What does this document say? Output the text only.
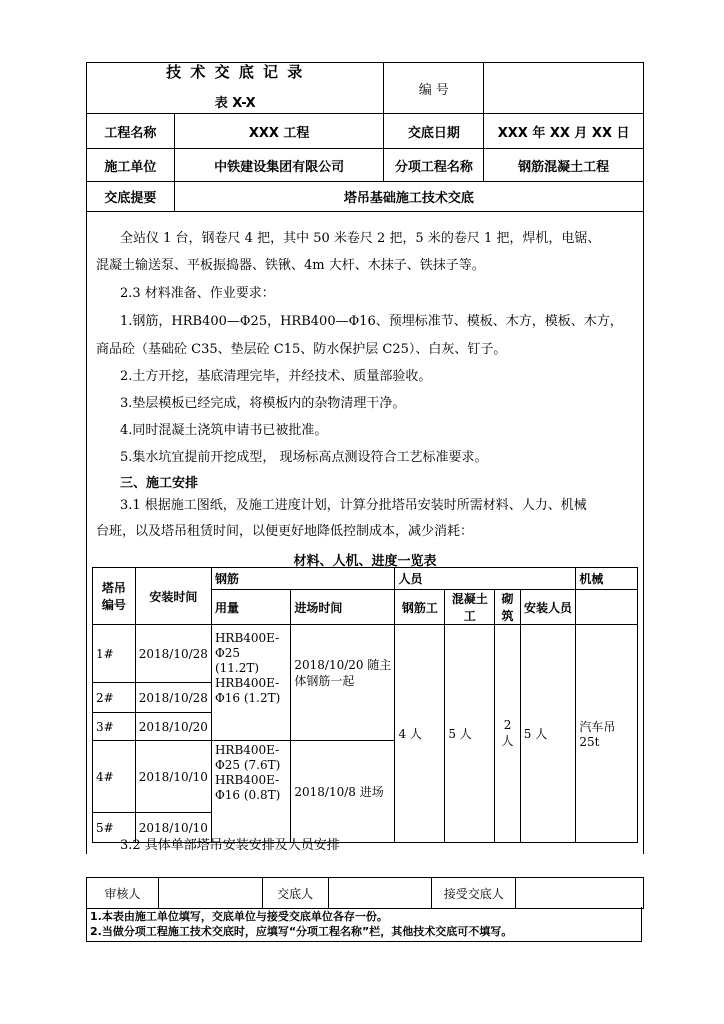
技 术 交 底 记 录
表 X-X		编 号	
工程名称	XXX 工程	交底日期	XXX 年 XX 月 XX 日
施工单位	中铁建设集团有限公司	分项工程名称	钢筋混凝土工程
交底提要	塔吊基础施工技术交底		
全站仪 1 台，钢卷尺 4 把，其中 50 米卷尺 2 把，5 米的卷尺 1 把，焊机，电锯、
混凝土输送泵、平板振捣器、铁锹、4m 大杆、木抹子、铁抹子等。
2.3 材料准备、作业要求：
1.钢筋，HRB400—Φ25，HRB400—Φ16、预埋标准节、模板、木方，模板、木方，
商品砼（基础砼 C35、垫层砼 C15、防水保护层 C25）、白灰、钉子。
2.土方开挖，基底清理完毕，并经技术、质量部验收。
3.垫层模板已经完成，将模板内的杂物清理干净。
4.同时混凝土浇筑申请书已被批准。
5.集水坑宜提前开挖成型， 现场标高点测设符合工艺标准要求。
三、施工安排
3.1 根据施工图纸，及施工进度计划，计算分批塔吊安装时所需材料、人力、机械
台班，以及塔吊租赁时间，以便更好地降低控制成本，减少消耗：
材料、人机、进度一览表
塔吊编号	安装时间	钢筋		人员				机械
		用量	进场时间	钢筋工	混凝土工	砌筑	安装人员	
1#	2018/10/28	HRB400E-Φ25 (11.2T) HRB400E-Φ16 (1.2T)	2018/10/20 随主体钢筋一起	4 人	5 人	2 人	5 人	汽车吊 25t
2#	2018/10/28							
3#	2018/10/20							
4#	2018/10/10	HRB400E-Φ25 (7.6T) HRB400E-Φ16 (0.8T)	2018/10/8 进场					
5#	2018/10/10							
3.2 具体单部塔吊安装安排及人员安排
审核人		交底人		接受交底人	
1.本表由施工单位填写，交底单位与接受交底单位各存一份。
2.当做分项工程施工技术交底时，应填写“分项工程名称”栏，其他技术交底可不填写。
